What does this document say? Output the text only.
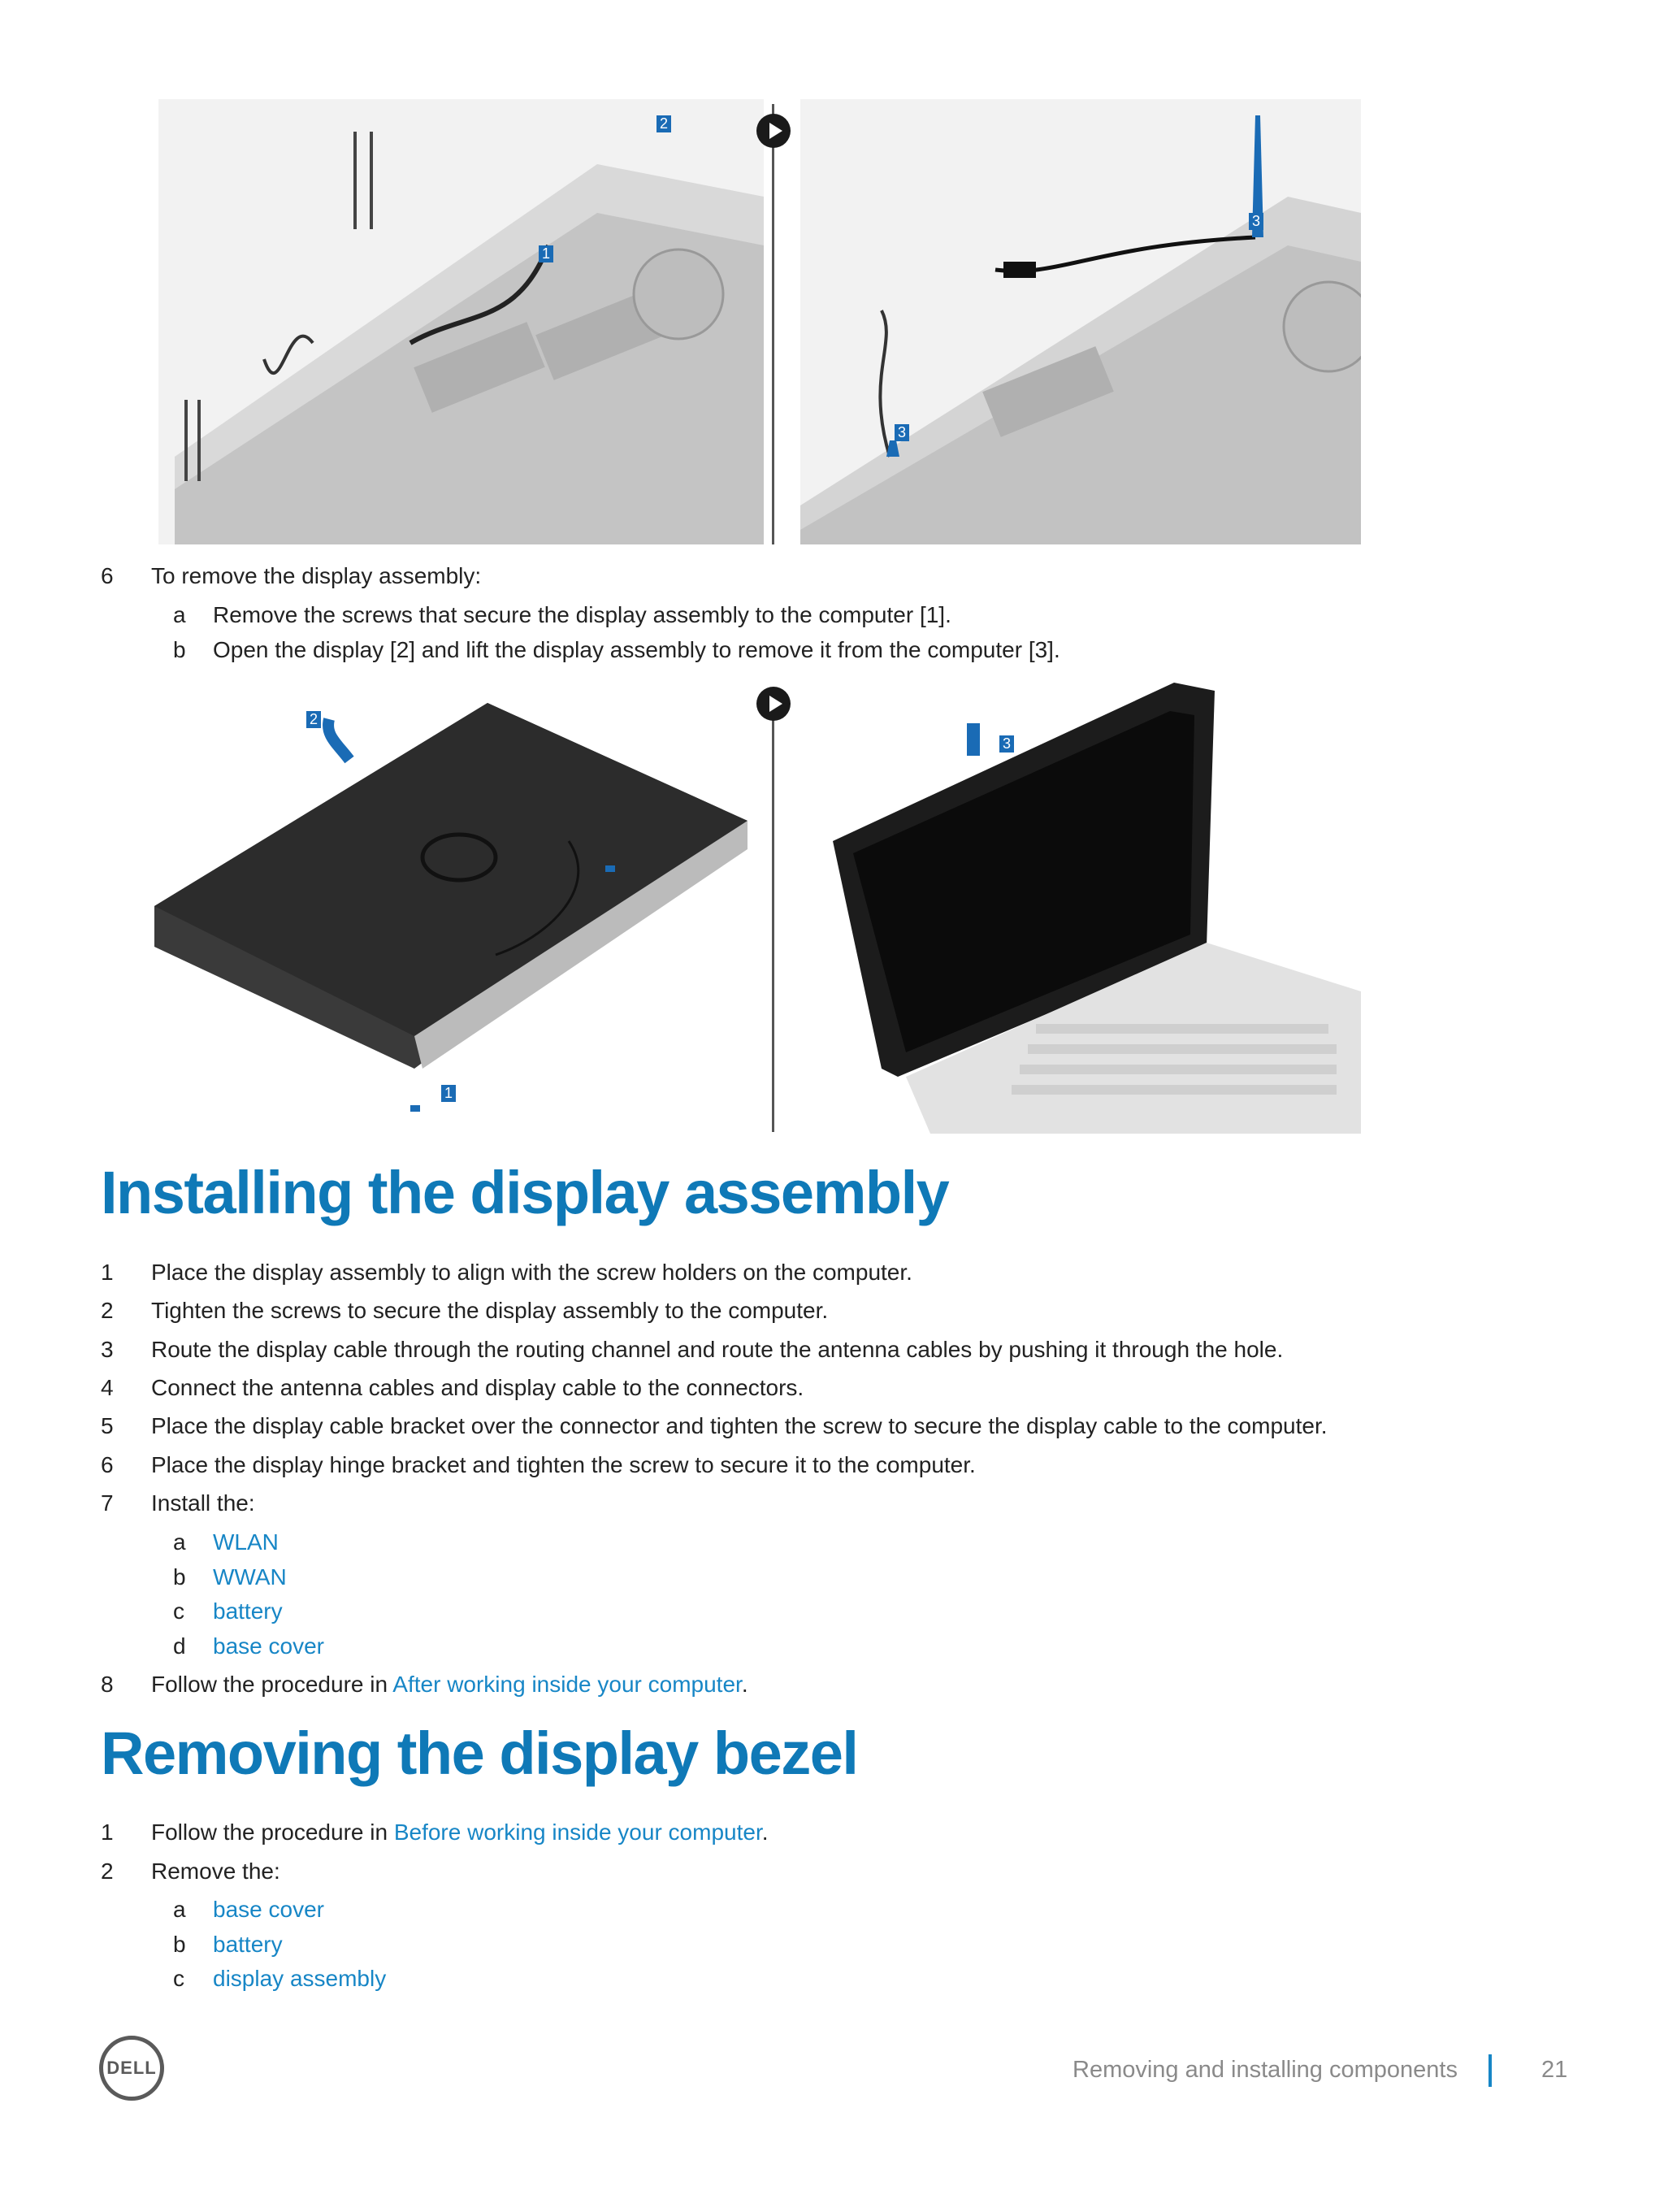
1
2
3
3
6 To remove the display assembly:
a Remove the screws that secure the display assembly to the computer [1].
b Open the display [2] and lift the display assembly to remove it from the computer [3].
2
1
3
Installing the display assembly
1 Place the display assembly to align with the screw holders on the computer.
2 Tighten the screws to secure the display assembly to the computer.
3 Route the display cable through the routing channel and route the antenna cables by pushing it through the hole.
4 Connect the antenna cables and display cable to the connectors.
5 Place the display cable bracket over the connector and tighten the screw to secure the display cable to the computer.
6 Place the display hinge bracket and tighten the screw to secure it to the computer.
7 Install the:
a WLAN
b WWAN
c battery
d base cover
8 Follow the procedure in After working inside your computer.
Removing the display bezel
1 Follow the procedure in Before working inside your computer.
2 Remove the:
a base cover
b battery
c display assembly
DELL	Removing and installing components	21
